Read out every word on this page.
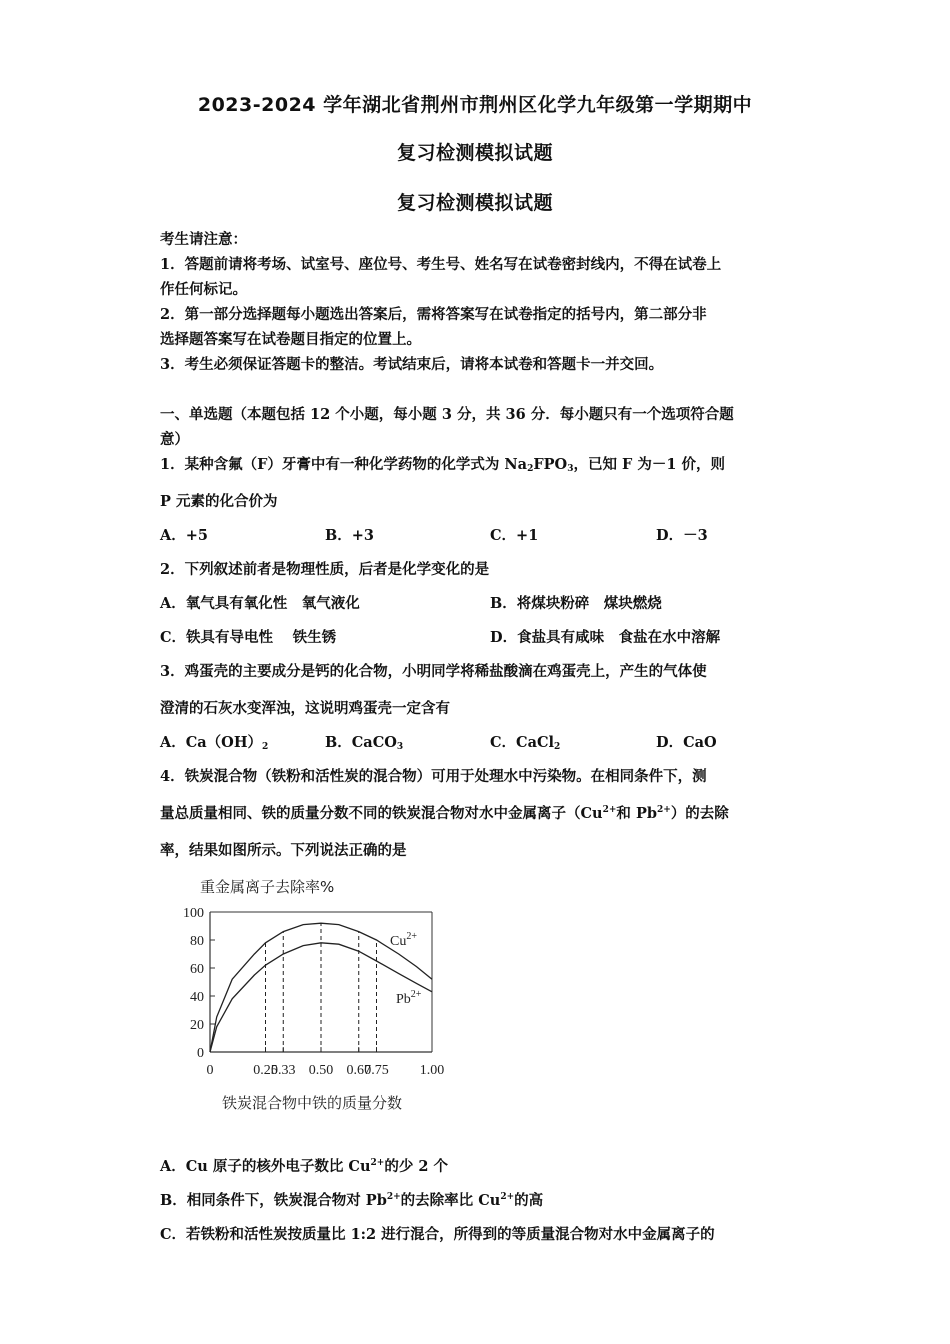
2023-2024 学年湖北省荆州市荆州区化学九年级第一学期期中
复习检测模拟试题
复习检测模拟试题
考生请注意：
1．答题前请将考场、试室号、座位号、考生号、姓名写在试卷密封线内，不得在试卷上
作任何标记。
2．第一部分选择题每小题选出答案后，需将答案写在试卷指定的括号内，第二部分非
选择题答案写在试卷题目指定的位置上。
3．考生必须保证答题卡的整洁。考试结束后，请将本试卷和答题卡一并交回。
一、单选题（本题包括 12 个小题，每小题 3 分，共 36 分．每小题只有一个选项符合题
意）
1．某种含氟（F）牙膏中有一种化学药物的化学式为 $Na_2FPO_3$，已知 F 为－1 价，则
P 元素的化合价为
A．+5	B．+3	C．+1	D．－3
2．下列叙述前者是物理性质，后者是化学变化的是
A．氧气具有氧化性　氧气液化	B．将煤块粉碎　煤块燃烧
C．铁具有导电性　 铁生锈	D．食盐具有咸味　食盐在水中溶解
3．鸡蛋壳的主要成分是钙的化合物，小明同学将稀盐酸滴在鸡蛋壳上，产生的气体使
澄清的石灰水变浑浊，这说明鸡蛋壳一定含有
A．$Ca(OH)_2$	B．CaCO$_3$	C．CaCl$_2$	D．CaO
4．铁炭混合物（铁粉和活性炭的混合物）可用于处理水中污染物。在相同条件下，测
量总质量相同、铁的质量分数不同的铁炭混合物对水中金属离子（$Cu^{2+}$和 $Pb^{2+}$）的去除
率，结果如图所示。下列说法正确的是
重金属离子去除率%
铁炭混合物中铁的质量分数
0
20
40
60
80
100
0	0.25
0.33 0.50 0.67
0.75 1.00
$Cu^{2+}$
$Pb^{2+}$
A．Cu 原子的核外电子数比 $Cu^{2+}$的少 2 个
B．相同条件下，铁炭混合物对 $Pb^{2+}$的去除率比 $Cu^{2+}$的高
C．若铁粉和活性炭按质量比 1:2 进行混合，所得到的等质量混合物对水中金属离子的
